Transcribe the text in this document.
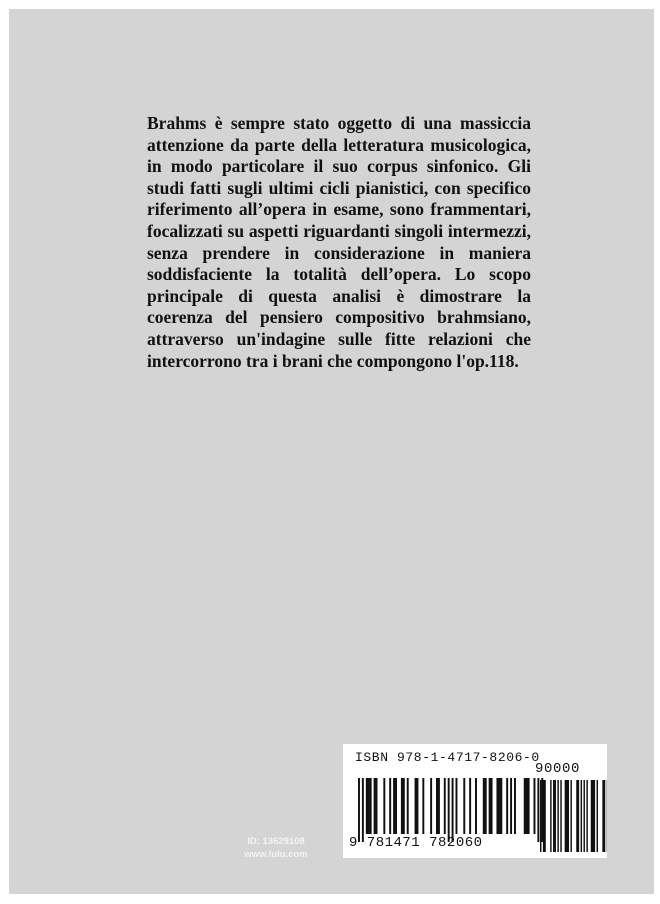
Brahms è sempre stato oggetto di una massiccia attenzione da parte della letteratura musicologica, in modo particolare il suo corpus sinfonico. Gli studi fatti sugli ultimi cicli pianistici, con specifico riferimento all’opera in esame, sono frammentari, focalizzati su aspetti riguardanti singoli intermezzi, senza prendere in considerazione in maniera soddisfaciente la totalità dell’opera. Lo scopo principale di questa analisi è dimostrare la coerenza del pensiero compositivo brahmsiano, attraverso un'indagine sulle fitte relazioni che intercorrono tra i brani che compongono l'op.118.

ID: 13629108
www.lulu.com
ISBN 978-1-4717-8206-0
90000
9 781471 782060
